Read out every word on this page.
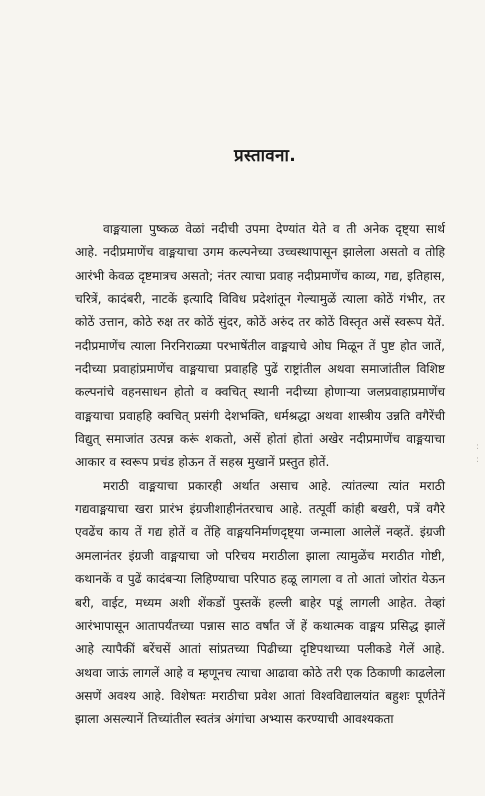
प्रस्तावना.

वाङ्मयाला पुष्कळ वेळां नदीची उपमा देण्यांत येते व ती अनेक दृष्ट्या सार्थ आहे. नदीप्रमाणेंच वाङ्मयाचा उगम कल्पनेच्या उच्चस्थापासून झालेला असतो व तोहि आरंभी केवळ दृष्टमात्रच असतो; नंतर त्याचा प्रवाह नदीप्रमाणेंच काव्य, गद्य, इतिहास, चरित्रें, कादंबरी, नाटकें इत्यादि विविध प्रदेशांतून गेल्यामुळें त्याला कोठें गंभीर, तर कोठें उत्तान, कोठे रुक्ष तर कोठें सुंदर, कोठें अरुंद तर कोठें विस्तृत असें स्वरूप येतें. नदीप्रमाणेंच त्याला निरनिराळ्या परभाषेंतील वाङ्मयाचे ओघ मिळून तें पुष्ट होत जातें, नदीच्या प्रवाहांप्रमाणेंच वाङ्मयाचा प्रवाहहि पुढें राष्ट्रांतील अथवा समाजांतील विशिष्ट कल्पनांचे वहनसाधन होतो व क्वचित् स्थानी नदीच्या होणाऱ्या जलप्रवाहाप्रमाणेंच वाङ्मयाचा प्रवाहहि क्वचित् प्रसंगी देशभक्ति, धर्मश्रद्धा अथवा शास्त्रीय उन्नति वगैरेंची विद्युत् समाजांत उत्पन्न करूं शकतो, असें होतां होतां अखेर नदीप्रमाणेंच वाङ्मयाचा आकार व स्वरूप प्रचंड होऊन तें सहस्र मुखानें प्रस्तुत होतें.

मराठी वाङ्मयाचा प्रकारही अर्थात असाच आहे. त्यांतल्या त्यांत मराठी गद्यवाङ्मयाचा खरा प्रारंभ इंग्रजीशाहीनंतरचाच आहे. तत्पूर्वी कांही बखरी, पत्रें वगैरे एवढेंच काय तें गद्य होतें व तेंहि वाङ्मयनिर्माणदृष्ट्या जन्माला आलेलें नव्हतें. इंग्रजी अमलानंतर इंग्रजी वाङ्मयाचा जो परिचय मराठीला झाला त्यामुळेंच मराठीत गोष्टी, कथानकें व पुढें कादंबऱ्या लिहिण्याचा परिपाठ हळू लागला व तो आतां जोरांत येऊन बरी, वाईट, मध्यम अशी शेंकडों पुस्तकें हल्ली बाहेर पडूं लागली आहेत. तेव्हां आरंभापासून आतापर्यंतच्या पन्नास साठ वर्षांत जें हें कथात्मक वाङ्मय प्रसिद्ध झालें आहे त्यापैकीं बरेंचसें आतां सांप्रतच्या पिढीच्या दृष्टिपथाच्या पलीकडे गेलें आहे. अथवा जाऊं लागलें आहे व म्हणूनच त्याचा आढावा कोठे तरी एक ठिकाणी काढलेला असणें अवश्य आहे. विशेषतः मराठीचा प्रवेश आतां विश्वविद्यालयांत बहुशः पूर्णतेनें झाला असल्यानें तिच्यांतील स्वतंत्र अंगांचा अभ्यास करण्याची आवश्यकता

:
:
